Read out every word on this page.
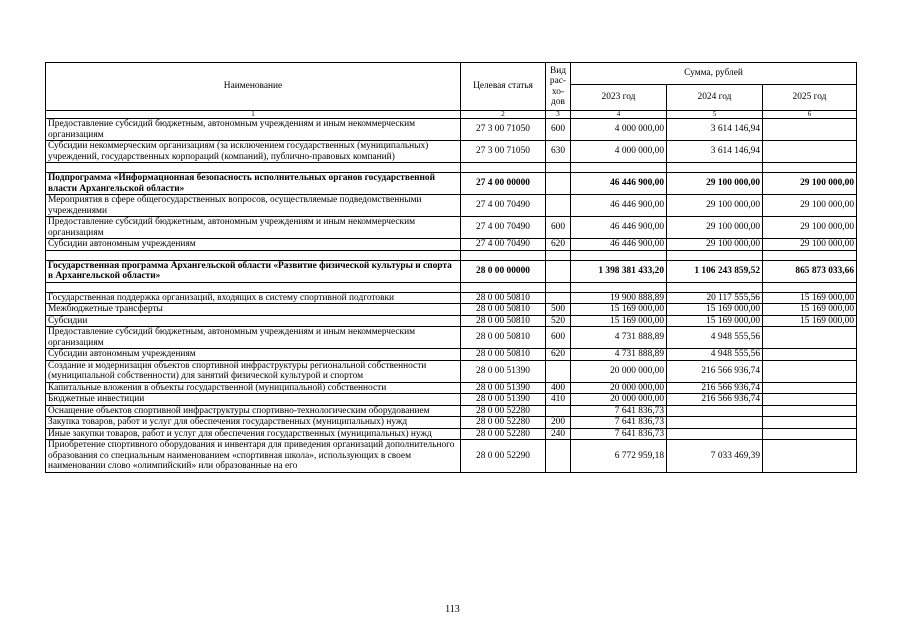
Наименование	Целевая статья	Вид рас-хо-дов	Сумма, рублей		
			2023 год	2024 год	2025 год
1	2	3	4	5	6
Предоставление субсидий бюджетным, автономным учреждениям и иным некоммерческим организациям	27 3 00 71050	600	4 000 000,00	3 614 146,94	
Субсидии некоммерческим организациям (за исключением государственных (муниципальных) учреждений, государственных корпораций (компаний), публично-правовых компаний)	27 3 00 71050	630	4 000 000,00	3 614 146,94	

Подпрограмма «Информационная безопасность исполнительных органов государственной власти Архангельской области»	27 4 00 00000		46 446 900,00	29 100 000,00	29 100 000,00
Мероприятия в сфере общегосударственных вопросов, осуществляемые подведомственными учреждениями	27 4 00 70490		46 446 900,00	29 100 000,00	29 100 000,00
Предоставление субсидий бюджетным, автономным учреждениям и иным некоммерческим организациям	27 4 00 70490	600	46 446 900,00	29 100 000,00	29 100 000,00
Субсидии автономным учреждениям	27 4 00 70490	620	46 446 900,00	29 100 000,00	29 100 000,00

Государственная программа Архангельской области «Развитие физической культуры и спорта в Архангельской области»	28 0 00 00000		1 398 381 433,20	1 106 243 859,52	865 873 033,66

Государственная поддержка организаций, входящих в систему спортивной подготовки	28 0 00 50810		19 900 888,89	20 117 555,56	15 169 000,00
Межбюджетные трансферты	28 0 00 50810	500	15 169 000,00	15 169 000,00	15 169 000,00
Субсидии	28 0 00 50810	520	15 169 000,00	15 169 000,00	15 169 000,00
Предоставление субсидий бюджетным, автономным учреждениям и иным некоммерческим организациям	28 0 00 50810	600	4 731 888,89	4 948 555,56	
Субсидии автономным учреждениям	28 0 00 50810	620	4 731 888,89	4 948 555,56	
Создание и модернизация объектов спортивной инфраструктуры региональной собственности (муниципальной собственности) для занятий физической культурой и спортом	28 0 00 51390		20 000 000,00	216 566 936,74	
Капитальные вложения в объекты государственной (муниципальной) собственности	28 0 00 51390	400	20 000 000,00	216 566 936,74	
Бюджетные инвестиции	28 0 00 51390	410	20 000 000,00	216 566 936,74	
Оснащение объектов спортивной инфраструктуры спортивно-технологическим оборудованием	28 0 00 52280		7 641 836,73		
Закупка товаров, работ и услуг для обеспечения государственных (муниципальных) нужд	28 0 00 52280	200	7 641 836,73		
Иные закупки товаров, работ и услуг для обеспечения государственных (муниципальных) нужд	28 0 00 52280	240	7 641 836,73		
Приобретение спортивного оборудования и инвентаря для приведения организаций дополнительного образования со специальным наименованием «спортивная школа», использующих в своем наименовании слово «олимпийский» или образованные на его	28 0 00 52290		6 772 959,18	7 033 469,39	
113
